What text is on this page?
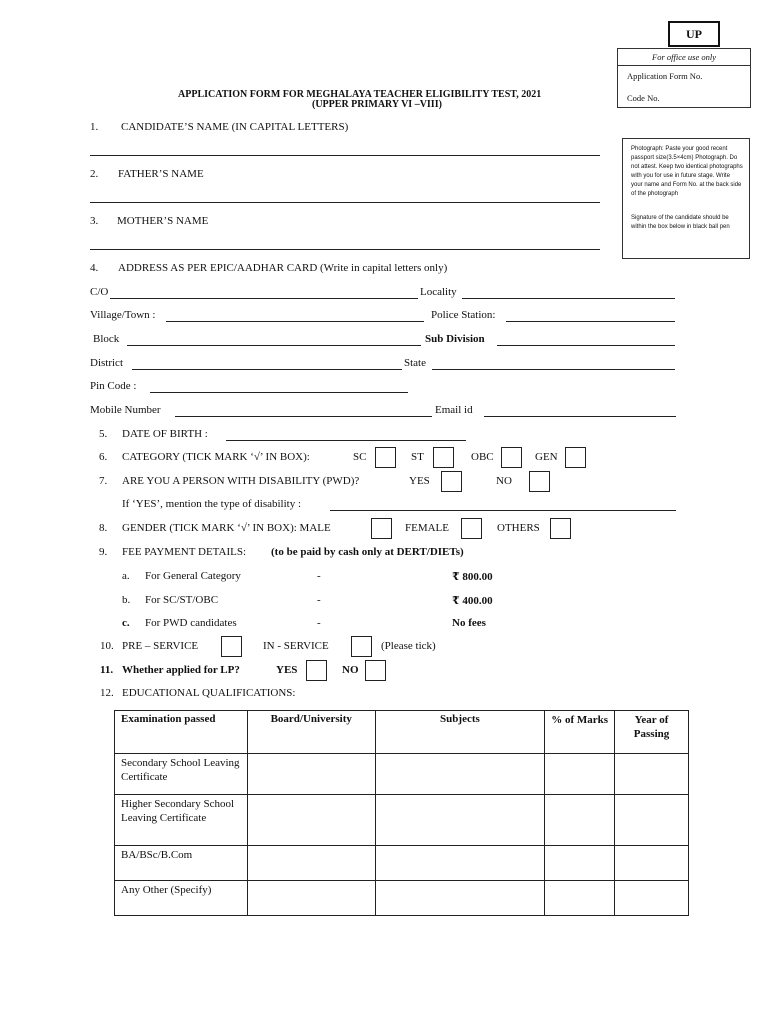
UP
For office use only
Application Form No.
Code No.
APPLICATION FORM FOR MEGHALAYA TEACHER ELIGIBILITY TEST, 2021
(UPPER PRIMARY VI –VIII)

Photograph: Paste your good recent passport size(3.5×4cm) Photograph. Do not attest. Keep two identical photographs with you for use in future stage. Write your name and Form No. at the back side of the photograph

Signature of the candidate should be within the box below in black ball pen

1. CANDIDATE’S NAME (IN CAPITAL LETTERS)
2. FATHER’S NAME
3. MOTHER’S NAME
4. ADDRESS AS PER EPIC/AADHAR CARD (Write in capital letters only)
C/O	Locality
Village/Town :	Police Station:
Block	Sub Division
District	State
Pin Code :
Mobile Number	Email id
5. DATE OF BIRTH :
6. CATEGORY (TICK MARK ‘√’ IN BOX):	SC	ST	OBC	GEN
7. ARE YOU A PERSON WITH DISABILITY (PWD)?	YES	NO
If ‘YES’, mention the type of disability :
8. GENDER (TICK MARK ‘√’ IN BOX): MALE	FEMALE	OTHERS
9. FEE PAYMENT DETAILS: (to be paid by cash only at DERT/DIETs)
a. For General Category	-	₹ 800.00
b. For SC/ST/OBC	-	₹ 400.00
c. For PWD candidates	-	No fees
10. PRE – SERVICE	IN - SERVICE	(Please tick)
11. Whether applied for LP?	YES	NO
12. EDUCATIONAL QUALIFICATIONS:
Examination passed	Board/University	Subjects	% of Marks	Year of Passing
Secondary School Leaving Certificate				
Higher Secondary School Leaving Certificate				
BA/BSc/B.Com				
Any Other (Specify)				
